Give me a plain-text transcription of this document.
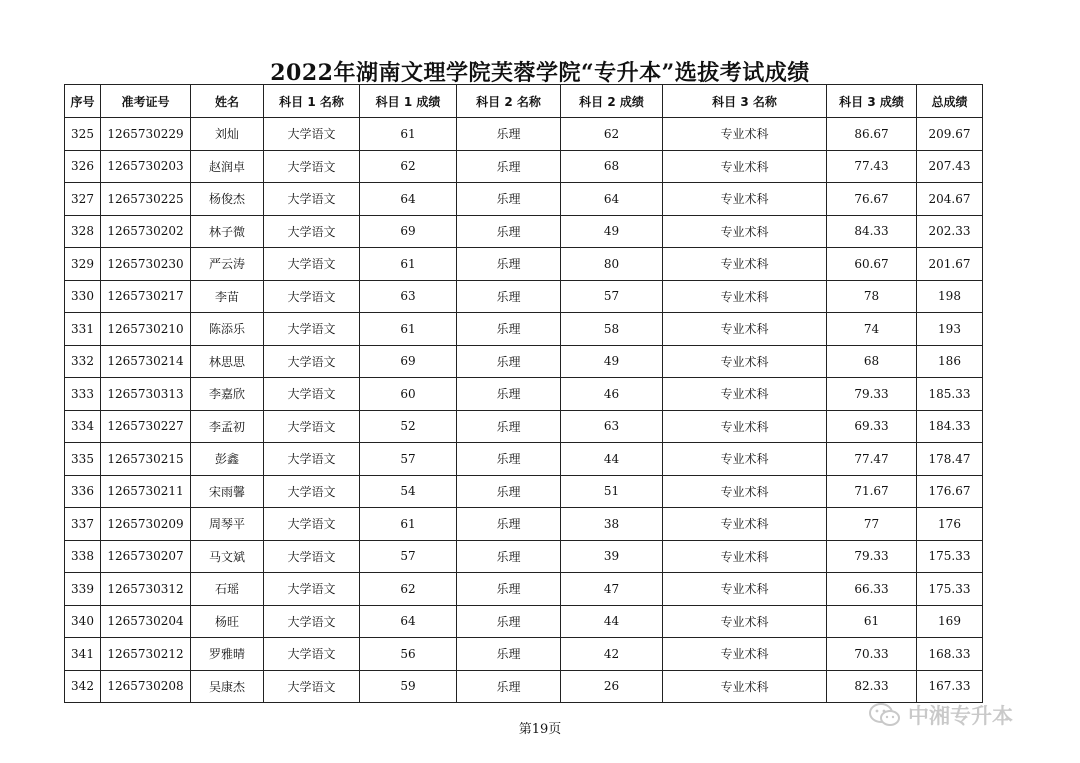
2022年湖南文理学院芙蓉学院“专升本”选拔考试成绩
序号	准考证号	姓名	科目 1 名称	科目 1 成绩	科目 2 名称	科目 2 成绩	科目 3 名称	科目 3 成绩	总成绩
325	1265730229	刘灿	大学语文	61	乐理	62	专业术科	86.67	209.67
326	1265730203	赵润卓	大学语文	62	乐理	68	专业术科	77.43	207.43
327	1265730225	杨俊杰	大学语文	64	乐理	64	专业术科	76.67	204.67
328	1265730202	林子微	大学语文	69	乐理	49	专业术科	84.33	202.33
329	1265730230	严云涛	大学语文	61	乐理	80	专业术科	60.67	201.67
330	1265730217	李苗	大学语文	63	乐理	57	专业术科	78	198
331	1265730210	陈添乐	大学语文	61	乐理	58	专业术科	74	193
332	1265730214	林思思	大学语文	69	乐理	49	专业术科	68	186
333	1265730313	李嘉欣	大学语文	60	乐理	46	专业术科	79.33	185.33
334	1265730227	李孟初	大学语文	52	乐理	63	专业术科	69.33	184.33
335	1265730215	彭鑫	大学语文	57	乐理	44	专业术科	77.47	178.47
336	1265730211	宋雨馨	大学语文	54	乐理	51	专业术科	71.67	176.67
337	1265730209	周琴平	大学语文	61	乐理	38	专业术科	77	176
338	1265730207	马文斌	大学语文	57	乐理	39	专业术科	79.33	175.33
339	1265730312	石瑶	大学语文	62	乐理	47	专业术科	66.33	175.33
340	1265730204	杨旺	大学语文	64	乐理	44	专业术科	61	169
341	1265730212	罗雅晴	大学语文	56	乐理	42	专业术科	70.33	168.33
342	1265730208	吴康杰	大学语文	59	乐理	26	专业术科	82.33	167.33
第19页
中湘专升本
